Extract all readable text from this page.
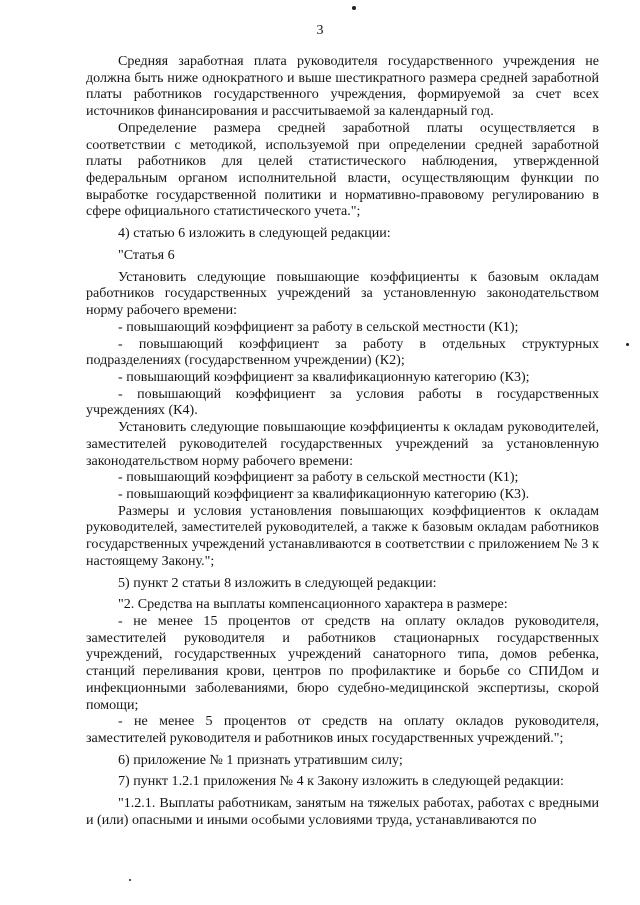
3

Средняя заработная плата руководителя государственного учреждения не должна быть ниже однократного и выше шестикратного размера средней заработной платы работников государственного учреждения, формируемой за счет всех источников финансирования и рассчитываемой за календарный год.

Определение размера средней заработной платы осуществляется в соответствии с методикой, используемой при определении средней заработной платы работников для целей статистического наблюдения, утвержденной федеральным органом исполнительной власти, осуществляющим функции по выработке государственной политики и нормативно-правовому регулированию в сфере официального статистического учета.";

4) статью 6 изложить в следующей редакции:

"Статья 6

Установить следующие повышающие коэффициенты к базовым окладам работников государственных учреждений за установленную законодательством норму рабочего времени:

- повышающий коэффициент за работу в сельской местности (К1);

- повышающий коэффициент за работу в отдельных структурных подразделениях (государственном учреждении) (К2);

- повышающий коэффициент за квалификационную категорию (К3);

- повышающий коэффициент за условия работы в государственных учреждениях (К4).

Установить следующие повышающие коэффициенты к окладам руководителей, заместителей руководителей государственных учреждений за установленную законодательством норму рабочего времени:

- повышающий коэффициент за работу в сельской местности (К1);

- повышающий коэффициент за квалификационную категорию (К3).

Размеры и условия установления повышающих коэффициентов к окладам руководителей, заместителей руководителей, а также к базовым окладам работников государственных учреждений устанавливаются в соответствии с приложением № 3 к настоящему Закону.";

5) пункт 2 статьи 8 изложить в следующей редакции:

"2. Средства на выплаты компенсационного характера в размере:

- не менее 15 процентов от средств на оплату окладов руководителя, заместителей руководителя и работников стационарных государственных учреждений, государственных учреждений санаторного типа, домов ребенка, станций переливания крови, центров по профилактике и борьбе со СПИДом и инфекционными заболеваниями, бюро судебно-медицинской экспертизы, скорой помощи;

- не менее 5 процентов от средств на оплату окладов руководителя, заместителей руководителя и работников иных государственных учреждений.";

6) приложение № 1 признать утратившим силу;

7) пункт 1.2.1 приложения № 4 к Закону изложить в следующей редакции:

"1.2.1. Выплаты работникам, занятым на тяжелых работах, работах с вредными и (или) опасными и иными особыми условиями труда, устанавливаются по
